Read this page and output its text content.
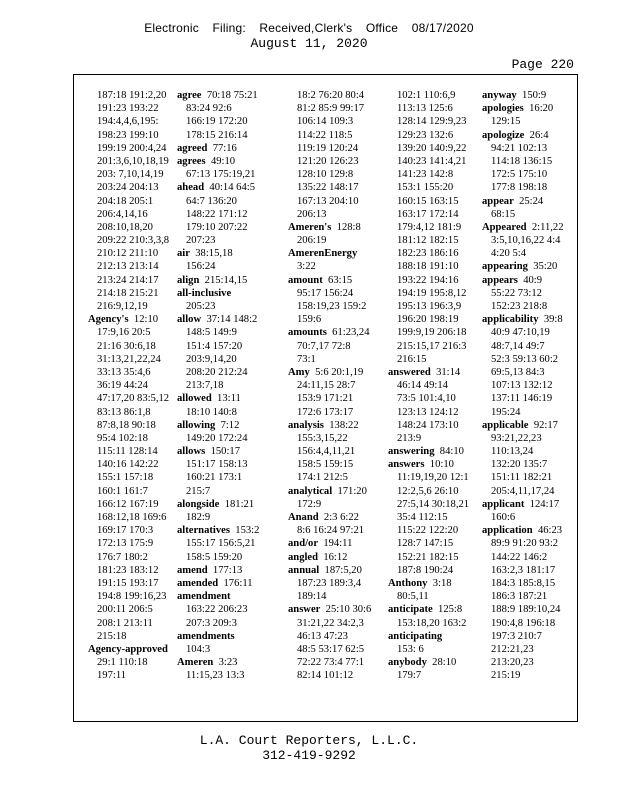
Electronic Filing: Received,Clerk's Office 08/17/2020
August 11, 2020
Page 220
187:18 191:2,20
191:23 193:22
194:4,4,6,195:
198:23 199:10
199:19 200:4,24
201:3,6,10,18,19
203: 7,10,14,19
203:24 204:13
204:18 205:1
206:4,14,16
208:10,18,20
209:22 210:3,3,8
210:12 211:10
212:13 213:14
213:24 214:17
214:18 215:21
216:9,12,19
Agency's 12:10
17:9,16 20:5
21:16 30:6,18
31:13,21,22,24
33:13 35:4,6
36:19 44:24
47:17,20 83:5,12
83:13 86:1,8
87:8,18 90:18
95:4 102:18
115:11 128:14
140:16 142:22
155:1 157:18
160:1 161:7
166:12 167:19
168:12,18 169:6
169:17 170:3
172:13 175:9
176:7 180:2
181:23 183:12
191:15 193:17
194:8 199:16,23
200:11 206:5
208:1 213:11
215:18
Agency-approved
29:1 110:18
197:11
agree 70:18 75:21
83:24 92:6
166:19 172:20
178:15 216:14
agreed 77:16
agrees 49:10
67:13 175:19,21
ahead 40:14 64:5
64:7 136:20
148:22 171:12
179:10 207:22
207:23
air 38:15,18
156:24
align 215:14,15
all-inclusive
205:23
allow 37:14 148:2
148:5 149:9
151:4 157:20
203:9,14,20
208:20 212:24
213:7,18
allowed 13:11
18:10 140:8
allowing 7:12
149:20 172:24
allows 150:17
151:17 158:13
160:21 173:1
215:7
alongside 181:21
182:9
alternatives 153:2
155:17 156:5,21
158:5 159:20
amend 177:13
amended 176:11
amendment
163:22 206:23
207:3 209:3
amendments
104:3
Ameren 3:23
11:15,23 13:3
18:2 76:20 80:4
81:2 85:9 99:17
106:14 109:3
114:22 118:5
119:19 120:24
121:20 126:23
128:10 129:8
135:22 148:17
167:13 204:10
206:13
Ameren's 128:8
206:19
AmerenEnergy
3:22
amount 63:15
95:17 156:24
158:19,23 159:2
159:6
amounts 61:23,24
70:7,17 72:8
73:1
Amy 5:6 20:1,19
24:11,15 28:7
153:9 171:21
172:6 173:17
analysis 138:22
155:3,15,22
156:4,4,11,21
158:5 159:15
174:1 212:5
analytical 171:20
172:9
Anand 2:3 6:22
8:6 16:24 97:21
and/or 194:11
angled 16:12
annual 187:5,20
187:23 189:3,4
189:14
answer 25:10 30:6
31:21,22 34:2,3
46:13 47:23
48:5 53:17 62:5
72:22 73:4 77:1
82:14 101:12
102:1 110:6,9
113:13 125:6
128:14 129:9,23
129:23 132:6
139:20 140:9,22
140:23 141:4,21
141:23 142:8
153:1 155:20
160:15 163:15
163:17 172:14
179:4,12 181:9
181:12 182:15
182:23 186:16
188:18 191:10
193:22 194:16
194:19 195:8,12
195:13 196:3,9
196:20 198:19
199:9,19 206:18
215:15,17 216:3
216:15
answered 31:14
46:14 49:14
73:5 101:4,10
123:13 124:12
148:24 173:10
213:9
answering 84:10
answers 10:10
11:19,19,20 12:1
12:2,5,6 26:10
27:5,14 30:18,21
35:4 112:15
115:22 122:20
128:7 147:15
152:21 182:15
187:8 190:24
Anthony 3:18
80:5,11
anticipate 125:8
153:18,20 163:2
anticipating
153: 6
anybody 28:10
179:7
anyway 150:9
apologies 16:20
129:15
apologize 26:4
94:21 102:13
114:18 136:15
172:5 175:10
177:8 198:18
appear 25:24
68:15
Appeared 2:11,22
3:5,10,16,22 4:4
4:20 5:4
appearing 35:20
appears 40:9
55:22 73:12
152:23 218:8
applicability 39:8
40:9 47:10,19
48:7,14 49:7
52:3 59:13 60:2
69:5,13 84:3
107:13 132:12
137:11 146:19
195:24
applicable 92:17
93:21,22,23
110:13,24
132:20 135:7
151:11 182:21
205:4,11,17,24
applicant 124:17
160:6
application 46:23
89:9 91:20 93:2
144:22 146:2
163:2,3 181:17
184:3 185:8,15
186:3 187:21
188:9 189:10,24
190:4,8 196:18
197:3 210:7
212:21,23
213:20,23
215:19
L.A. Court Reporters, L.L.C.
312-419-9292
